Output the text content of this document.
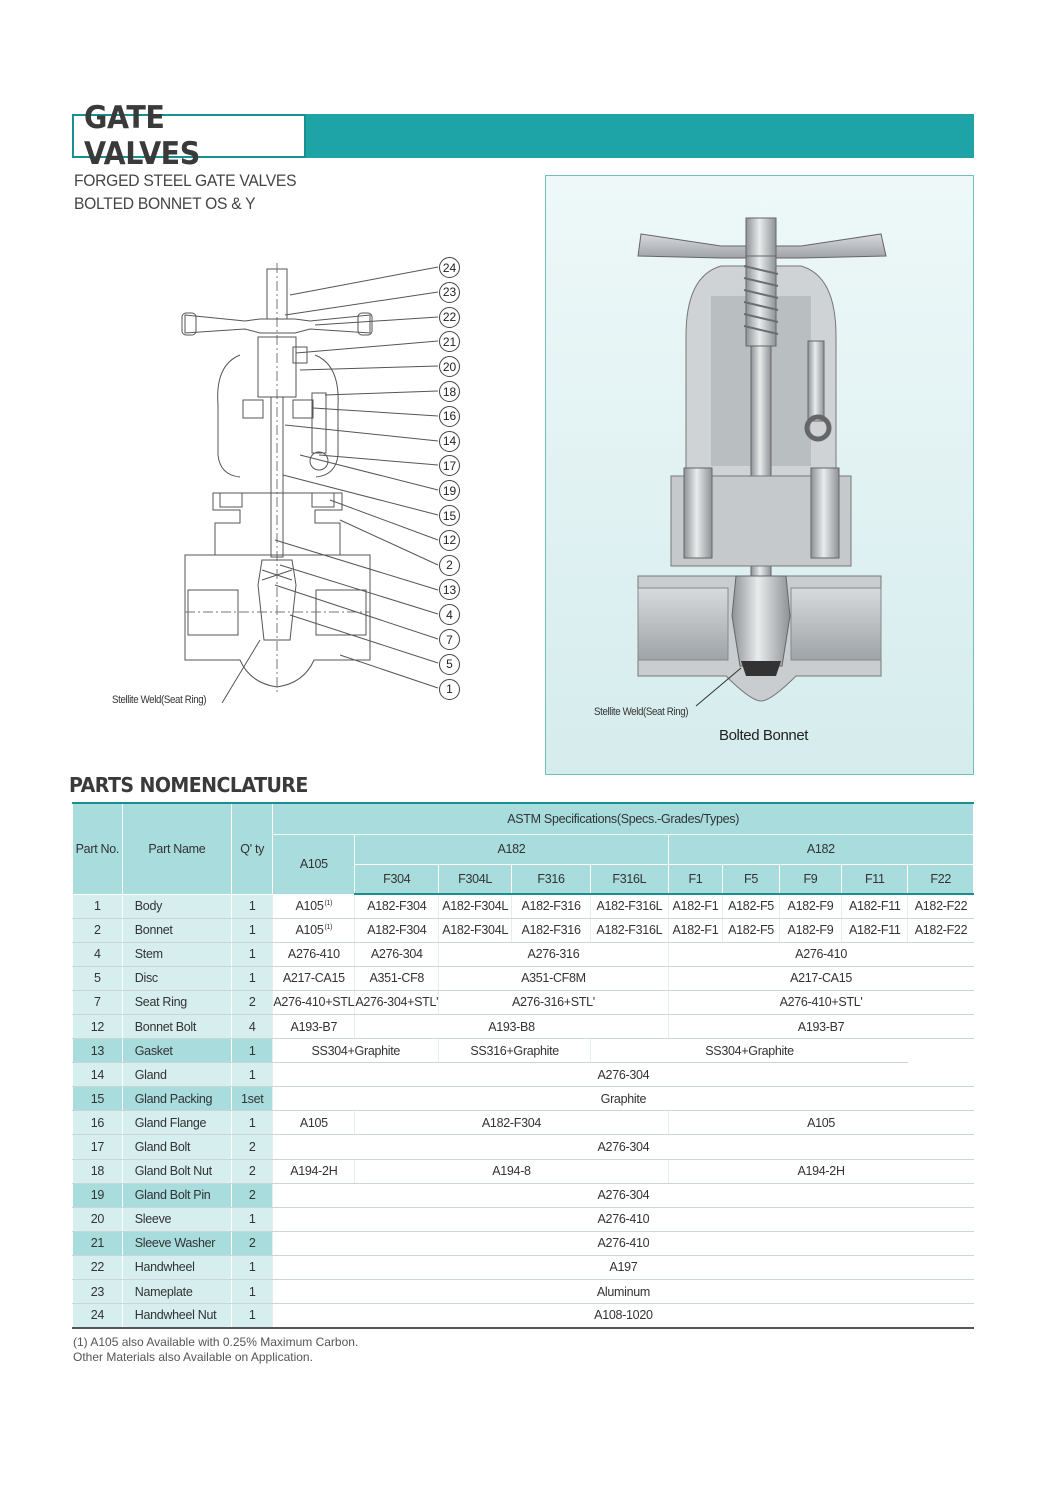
GATE VALVES
FORGED STEEL GATE VALVES
BOLTED BONNET OS & Y
24
23
22
21
20
18
16
14
17
19
15
12
2
13
4
7
5
1
Stellite Weld(Seat Ring)
Stellite Weld(Seat Ring)
Bolted Bonnet
PARTS NOMENCLATURE
Part No.	Part Name	Q' ty	ASTM Specifications(Specs.-Grades/Types)									
			A105	A182				A182				
				F304	F304L	F316	F316L	F1	F5	F9	F11	F22
1	Body	1	A105$^{(1)}$	A182-F304	A182-F304L	A182-F316	A182-F316L	A182-F1	A182-F5	A182-F9	A182-F11	A182-F22
2	Bonnet	1	A105$^{(1)}$	A182-F304	A182-F304L	A182-F316	A182-F316L	A182-F1	A182-F5	A182-F9	A182-F11	A182-F22
4	Stem	1	A276-410	A276-304	A276-316			A276-410				
5	Disc	1	A217-CA15	A351-CF8	A351-CF8M			A217-CA15				
7	Seat Ring	2	A276-410+STL	A276-304+STL'	A276-316+STL'			A276-410+STL'				
12	Bonnet Bolt	4	A193-B7	A193-B8				A193-B7				
13	Gasket	1	SS304+Graphite		SS316+Graphite		SS304+Graphite					
14	Gland	1	A276-304									
15	Gland Packing	1set	Graphite									
16	Gland Flange	1	A105	A182-F304				A105				
17	Gland Bolt	2	A276-304									
18	Gland Bolt Nut	2	A194-2H	A194-8				A194-2H				
19	Gland Bolt Pin	2	A276-304									
20	Sleeve	1	A276-410									
21	Sleeve Washer	2	A276-410									
22	Handwheel	1	A197									
23	Nameplate	1	Aluminum									
24	Handwheel Nut	1	A108-1020									
(1) A105 also Available with 0.25% Maximum Carbon.
Other Materials also Available on Application.
